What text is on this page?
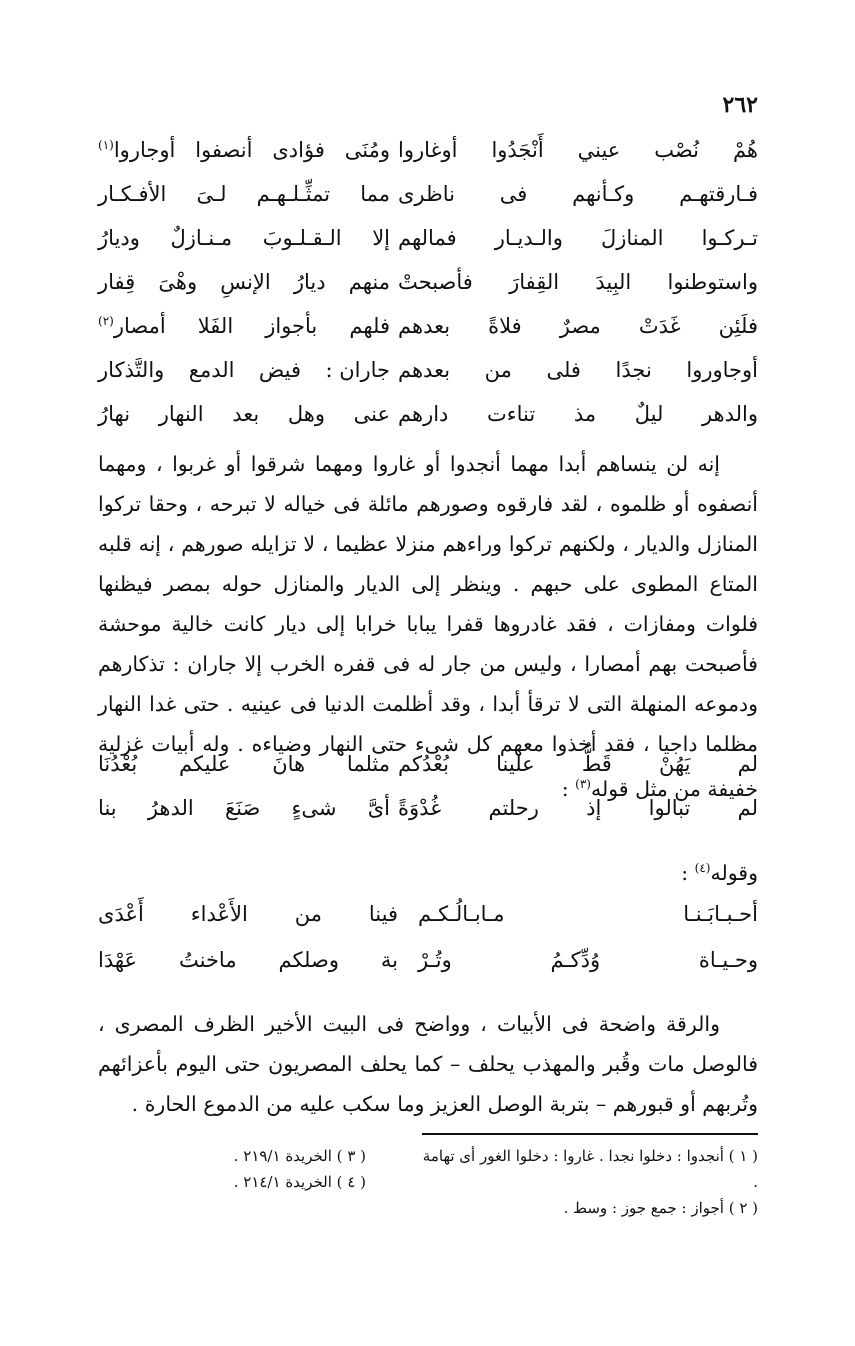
٢٦٢
هُمْ
نُصْب
عيني
أَنْجَدُوا
أوغاروا
ومُنَى
فؤادى
أنصفوا
أوجاروا$^{(١)}$
فـارقتهـم
وكـأنهم
فى
ناظرى
مما
تمثِّـلـهـم
لـىَ
الأفـكـار
تـركـوا
المنازلَ
والـديـار
فمالهم
إلا
الـقـلـوبَ
مـنـازلٌ
وديارُ
واستوطنوا
البِيدَ
القِفارَ
فأصبحتْ
منهم
ديارُ
الإنسِ
وهْىَ
قِفار
فلَئِن
غَدَتْ
مصرٌ
فلاةً
بعدهم
فلهم
بأجواز
الفَلا
أمصار$^{(٢)}$
أوجاوروا
نجدًا
فلى
من
بعدهم
جاران :
فيض
الدمع
والتَّذكار
والدهر
ليلٌ
مذ
تناءت
دارهم
عنى
وهل
بعد
النهار
نهارُ

إنه لن ينساهم أبدا مهما أنجدوا أو غاروا ومهما شرقوا أو غربوا ، ومهما أنصفوه أو ظلموه ، لقد فارقوه وصورهم مائلة فى خياله لا تبرحه ، وحقا تركوا المنازل والديار ، ولكنهم تركوا وراءهم منزلا عظيما ، لا تزايله صورهم ، إنه قلبه المتاع المطوى على حبهم . وينظر إلى الديار والمنازل حوله بمصر فيظنها فلوات ومفازات ، فقد غادروها قفرا يبابا خرابا إلى ديار كانت خالية موحشة فأصبحت بهم أمصارا ، وليس من جار له فى قفره الخرب إلا جاران : تذكارهم ودموعه المنهلة التى لا ترقأ أبدا ، وقد أظلمت الدنيا فى عينيه . حتى غدا النهار مظلما داجيا ، فقد أخذوا معهم كل شىء حتى النهار وضياءه . وله أبيات غزلية خفيفة من مثل قوله$^{(٣)}$ :

لم
يَهُنْ
قَطُّ
علينا
بُعْدُكم
مثلما
هانَ
عليكم
بُعْدُنَا
لم
تبالوا
إذ
رحلتم
غُدْوَةً
أىَّ
شىءٍ
صَنَعَ
الدهرُ
بنا

وقوله$^{(٤)}$ :

أحـبـابَـنـا
مـابـالُـكـم
فينا
من
الأَعْداء
أَعْدَى
وحـيـاة
وُدِّكـمُ
وتُـرْ
بة
وصلكم
ماخنتُ
عَهْدَا

والرقة واضحة فى الأبيات ، وواضح فى البيت الأخير الظرف المصرى ، فالوصل مات وقُبر والمهذب يحلف – كما يحلف المصريون حتى اليوم بأعزائهم وتُربهم أو قبورهم – بتربة الوصل العزيز وما سكب عليه من الدموع الحارة .

( ١ ) أنجدوا : دخلوا نجدا . غاروا : دخلوا الغور أى تهامة .

( ٢ ) أجواز : جمع جوز : وسط .

( ٣ ) الخريدة ٢١٩/١ .

( ٤ ) الخريدة ٢١٤/١ .
